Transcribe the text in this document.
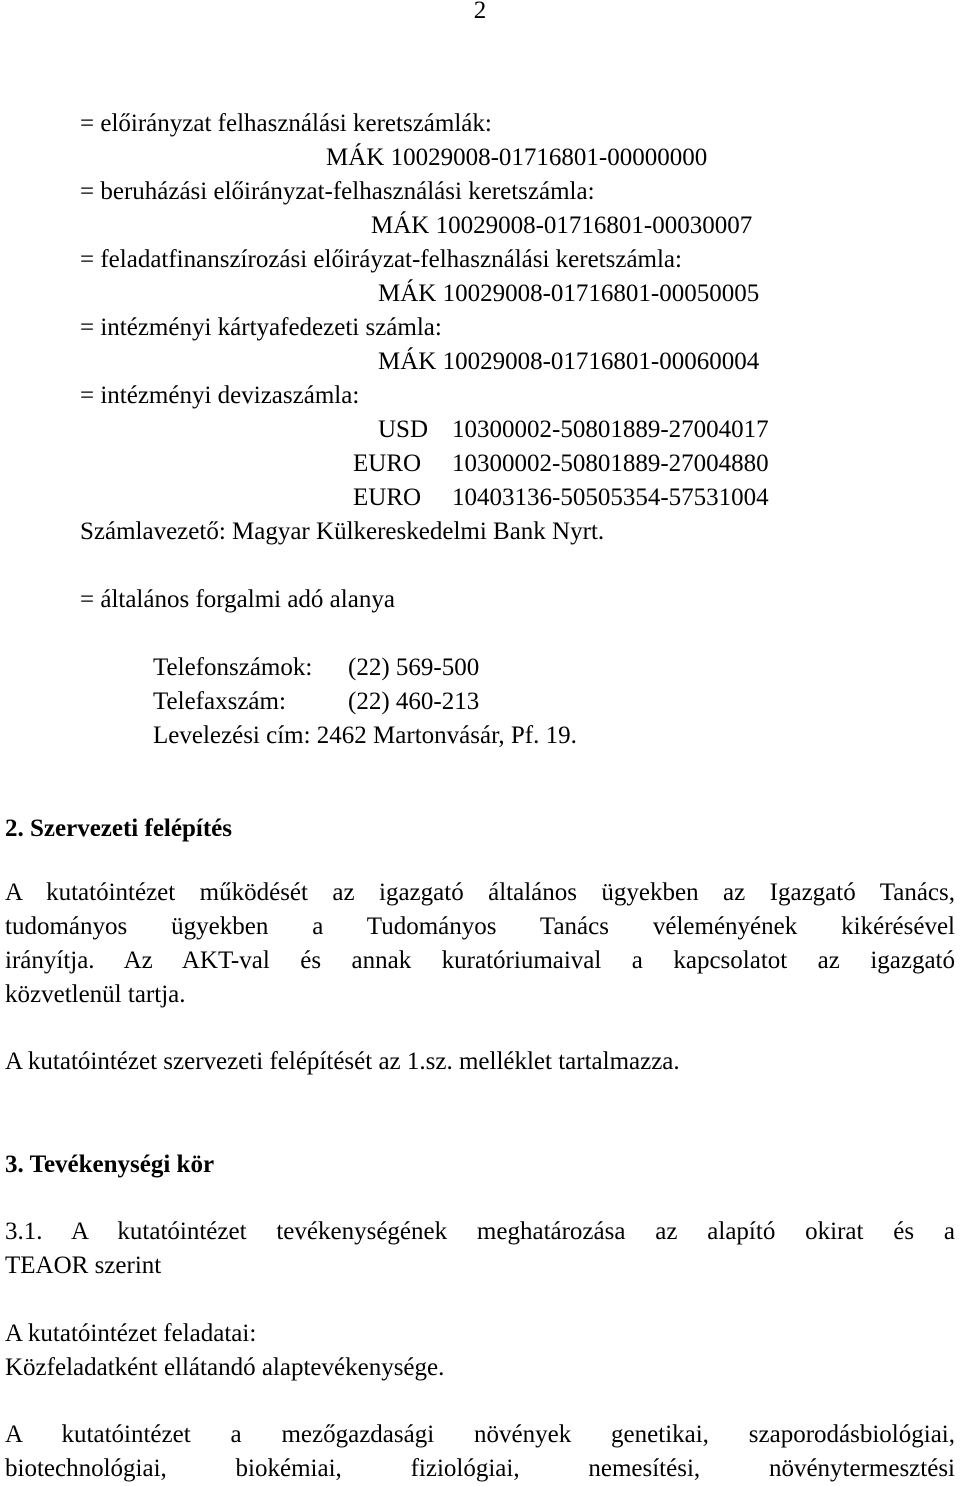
2
= előirányzat felhasználási keretszámlák:
MÁK 10029008-01716801-00000000
= beruházási előirányzat-felhasználási keretszámla:
MÁK 10029008-01716801-00030007
= feladatfinanszírozási előiráyzat-felhasználási keretszámla:
MÁK 10029008-01716801-00050005
= intézményi kártyafedezeti számla:
MÁK 10029008-01716801-00060004
= intézményi devizaszámla:
USD 10300002-50801889-27004017
EURO 10300002-50801889-27004880
EURO 10403136-50505354-57531004
Számlavezető: Magyar Külkereskedelmi Bank Nyrt.
= általános forgalmi adó alanya
Telefonszámok: (22) 569-500
Telefaxszám: (22) 460-213
Levelezési cím: 2462 Martonvásár, Pf. 19.
2. Szervezeti felépítés
A kutatóintézet működését az igazgató általános ügyekben az Igazgató Tanács,
tudományos ügyekben a Tudományos Tanács véleményének kikérésével
irányítja. Az AKT-val és annak kuratóriumaival a kapcsolatot az igazgató
közvetlenül tartja.
A kutatóintézet szervezeti felépítését az 1.sz. melléklet tartalmazza.
3. Tevékenységi kör
3.1. A kutatóintézet tevékenységének meghatározása az alapító okirat és a
TEAOR szerint
A kutatóintézet feladatai:
Közfeladatként ellátandó alaptevékenysége.
A kutatóintézet a mezőgazdasági növények genetikai, szaporodásbiológiai,
biotechnológiai, biokémiai, fiziológiai, nemesítési, növénytermesztési
